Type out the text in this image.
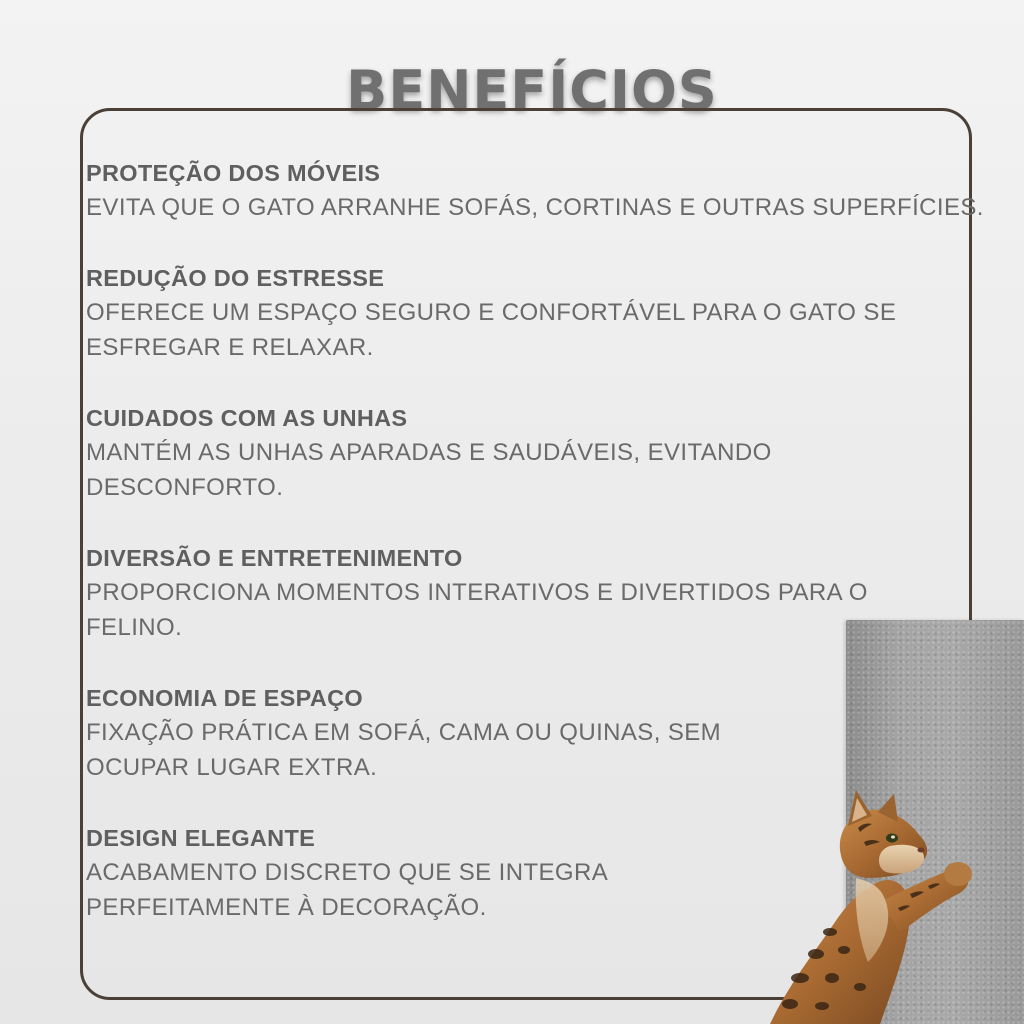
BENEFÍCIOS
PROTEÇÃO DOS MÓVEIS
EVITA QUE O GATO ARRANHE SOFÁS, CORTINAS E OUTRAS SUPERFÍCIES.
REDUÇÃO DO ESTRESSE
OFERECE UM ESPAÇO SEGURO E CONFORTÁVEL PARA O GATO SE
ESFREGAR E RELAXAR.
CUIDADOS COM AS UNHAS
MANTÉM AS UNHAS APARADAS E SAUDÁVEIS, EVITANDO
DESCONFORTO.
DIVERSÃO E ENTRETENIMENTO
PROPORCIONA MOMENTOS INTERATIVOS E DIVERTIDOS PARA O
FELINO.
ECONOMIA DE ESPAÇO
FIXAÇÃO PRÁTICA EM SOFÁ, CAMA OU QUINAS, SEM
OCUPAR LUGAR EXTRA.
DESIGN ELEGANTE
ACABAMENTO DISCRETO QUE SE INTEGRA
PERFEITAMENTE À DECORAÇÃO.
